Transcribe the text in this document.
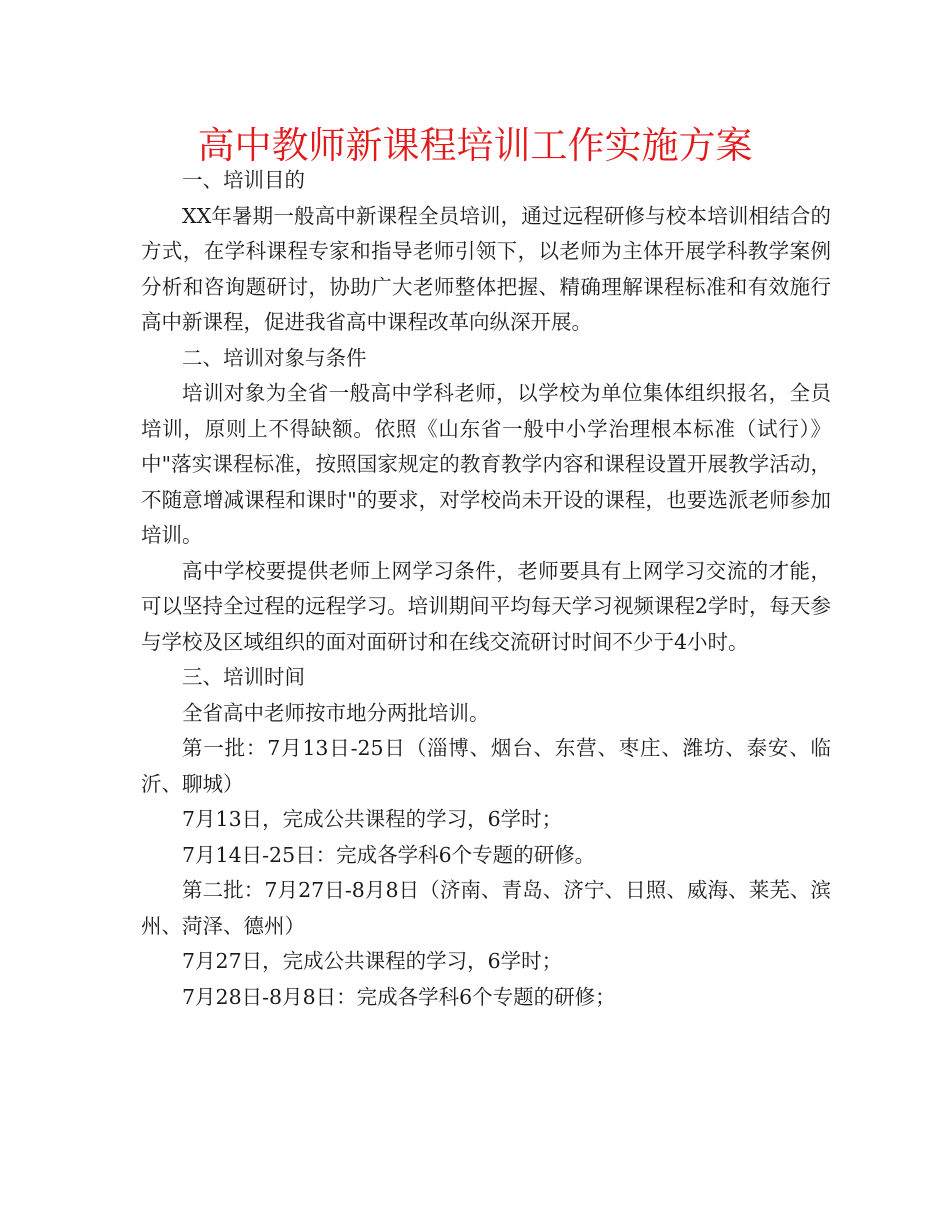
高中教师新课程培训工作实施方案

一、培训目的

XX年暑期一般高中新课程全员培训，通过远程研修与校本培训相结合的方式，在学科课程专家和指导老师引领下，以老师为主体开展学科教学案例分析和咨询题研讨，协助广大老师整体把握、精确理解课程标准和有效施行高中新课程，促进我省高中课程改革向纵深开展。

二、培训对象与条件

培训对象为全省一般高中学科老师，以学校为单位集体组织报名，全员培训，原则上不得缺额。依照《山东省一般中小学治理根本标准（试行）》中"落实课程标准，按照国家规定的教育教学内容和课程设置开展教学活动，不随意增减课程和课时"的要求，对学校尚未开设的课程，也要选派老师参加培训。

高中学校要提供老师上网学习条件，老师要具有上网学习交流的才能，可以坚持全过程的远程学习。培训期间平均每天学习视频课程2学时，每天参与学校及区域组织的面对面研讨和在线交流研讨时间不少于4小时。

三、培训时间

全省高中老师按市地分两批培训。

第一批：7月13日-25日（淄博、烟台、东营、枣庄、潍坊、泰安、临沂、聊城）

7月13日，完成公共课程的学习，6学时；

7月14日-25日：完成各学科6个专题的研修。

第二批：7月27日-8月8日（济南、青岛、济宁、日照、威海、莱芜、滨州、菏泽、德州）

7月27日，完成公共课程的学习，6学时；

7月28日-8月8日：完成各学科6个专题的研修；
